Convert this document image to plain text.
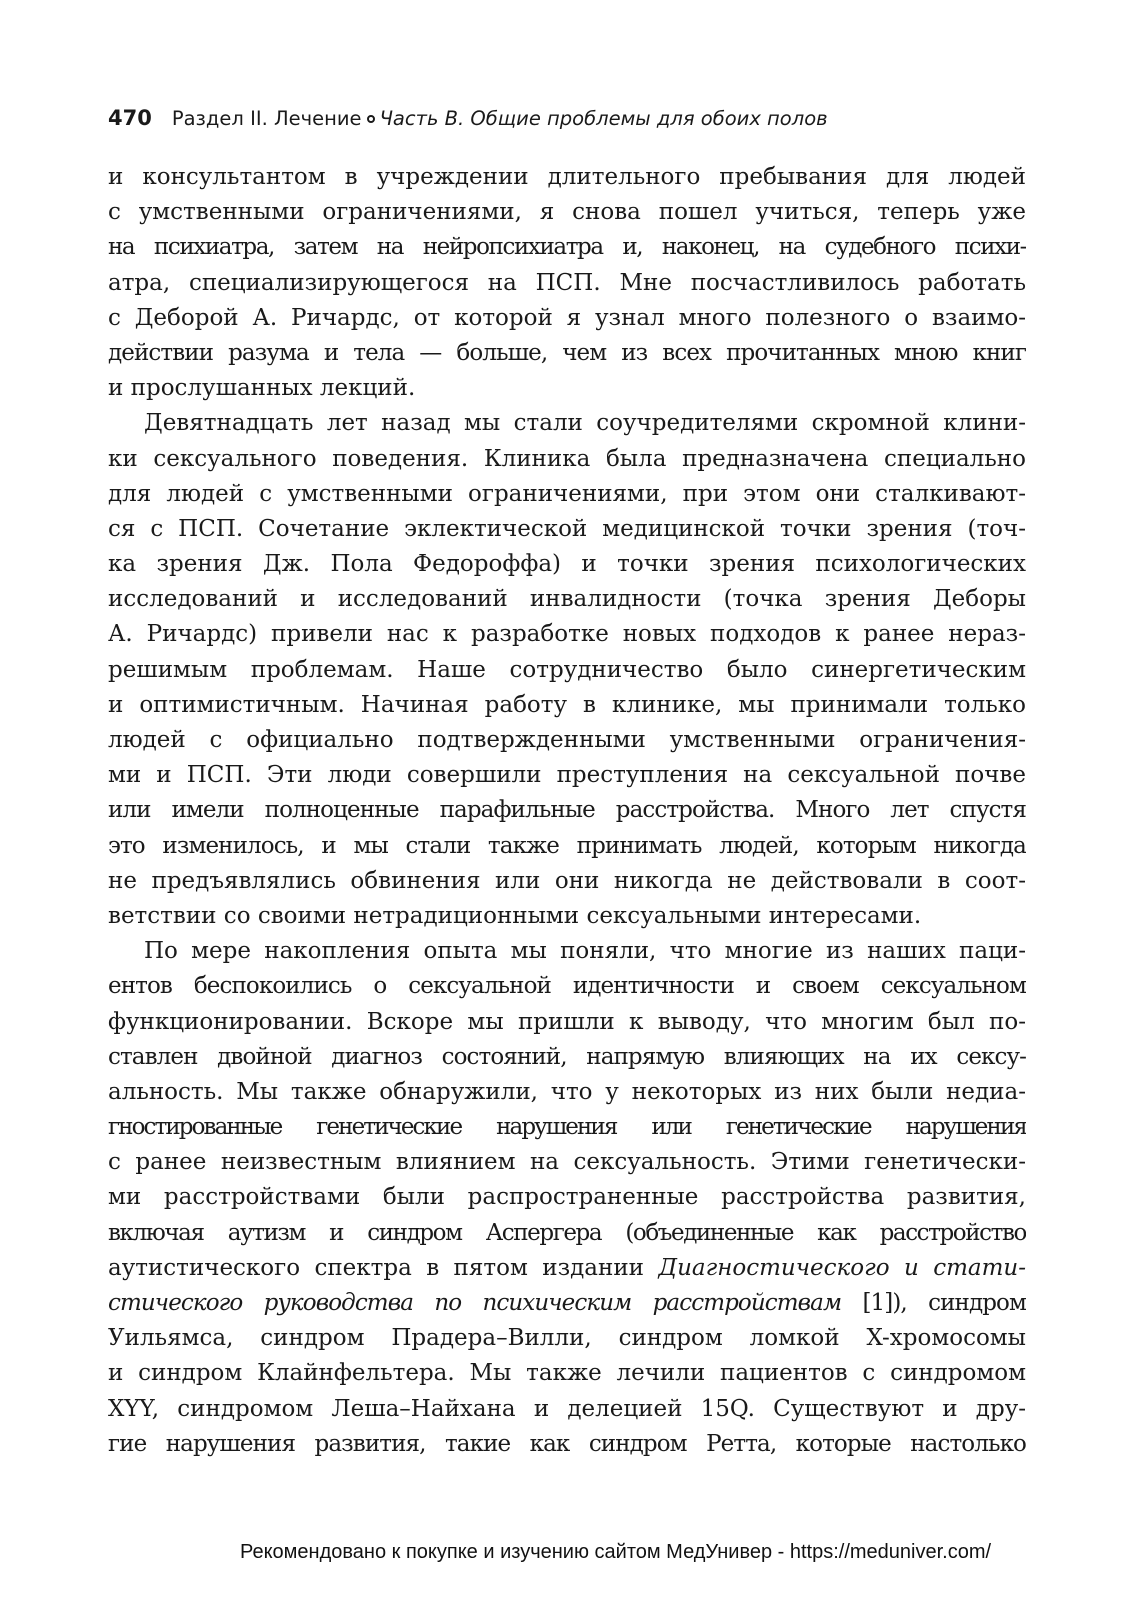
470 Раздел II. Лечение Часть В. Общие проблемы для обоих полов
и консультантом в учреждении длительного пребывания для людей
с умственными ограничениями, я снова пошел учиться, теперь уже
на психиатра, затем на нейропсихиатра и, наконец, на судебного психи-
атра, специализирующегося на ПСП. Мне посчастливилось работать
с Деборой А. Ричардс, от которой я узнал много полезного о взаимо-
действии разума и тела — больше, чем из всех прочитанных мною книг
и прослушанных лекций.
Девятнадцать лет назад мы стали соучредителями скромной клини-
ки сексуального поведения. Клиника была предназначена специально
для людей с умственными ограничениями, при этом они сталкивают-
ся с ПСП. Сочетание эклектической медицинской точки зрения (точ-
ка зрения Дж. Пола Федороффа) и точки зрения психологических
исследований и исследований инвалидности (точка зрения Деборы
А. Ричардс) привели нас к разработке новых подходов к ранее нераз-
решимым проблемам. Наше сотрудничество было синергетическим
и оптимистичным. Начиная работу в клинике, мы принимали только
людей с официально подтвержденными умственными ограничения-
ми и ПСП. Эти люди совершили преступления на сексуальной почве
или имели полноценные парафильные расстройства. Много лет спустя
это изменилось, и мы стали также принимать людей, которым никогда
не предъявлялись обвинения или они никогда не действовали в соот-
ветствии со своими нетрадиционными сексуальными интересами.
По мере накопления опыта мы поняли, что многие из наших паци-
ентов беспокоились о сексуальной идентичности и своем сексуальном
функционировании. Вскоре мы пришли к выводу, что многим был по-
ставлен двойной диагноз состояний, напрямую влияющих на их сексу-
альность. Мы также обнаружили, что у некоторых из них были недиа-
гностированные генетические нарушения или генетические нарушения
с ранее неизвестным влиянием на сексуальность. Этими генетически-
ми расстройствами были распространенные расстройства развития,
включая аутизм и синдром Аспергера (объединенные как расстройство
аутистического спектра в пятом издании Диагностического и стати-
стического руководства по психическим расстройствам [1]), синдром
Уильямса, синдром Прадера–Вилли, синдром ломкой X-хромосомы
и синдром Клайнфельтера. Мы также лечили пациентов с синдромом
XYY, синдромом Леша–Найхана и делецией 15Q. Существуют и дру-
гие нарушения развития, такие как синдром Ретта, которые настолько
Рекомендовано к покупке и изучению сайтом МедУнивер - https://meduniver.com/
